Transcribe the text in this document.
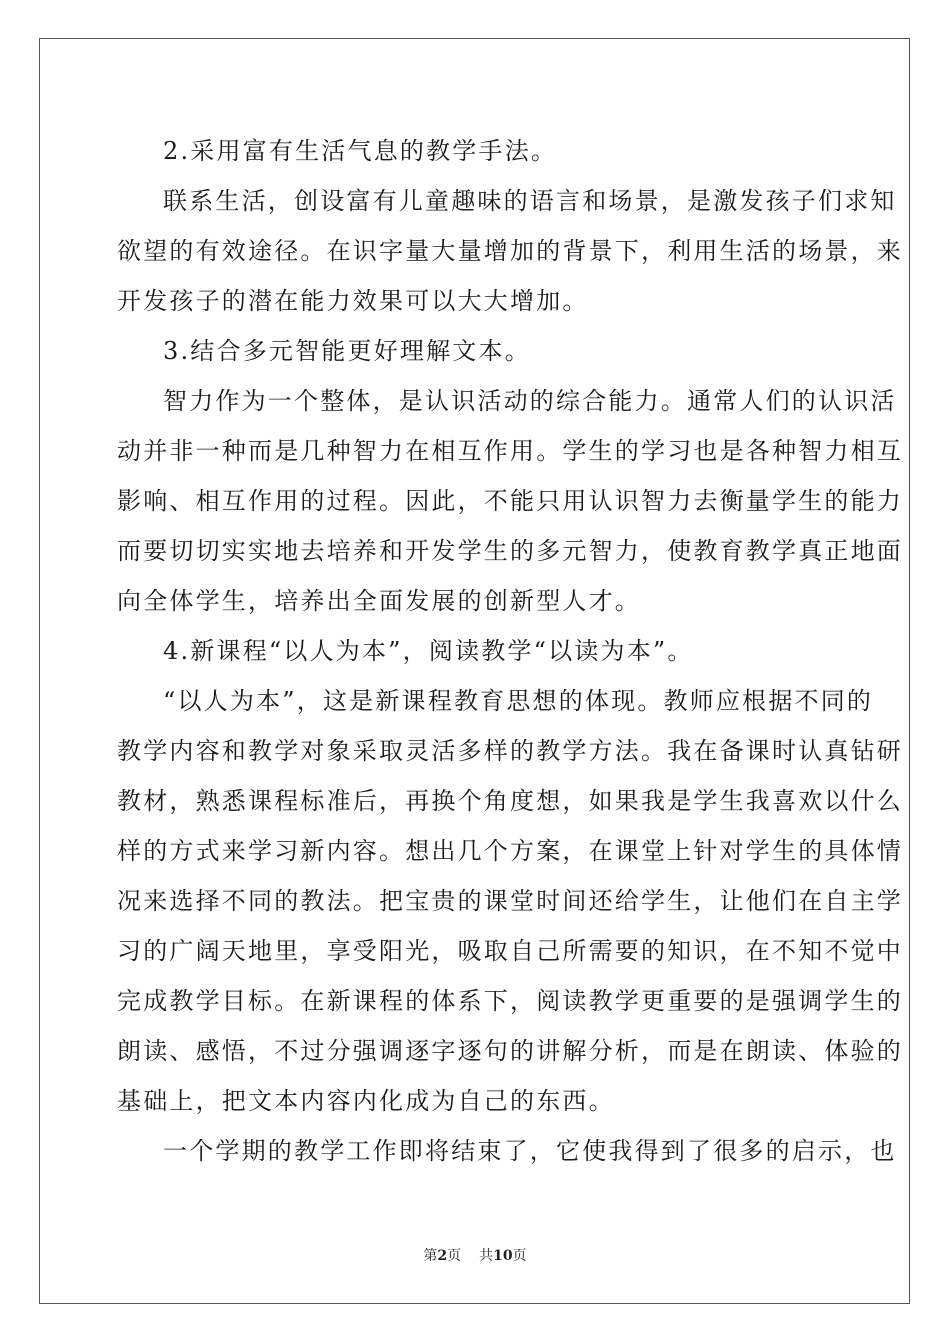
2.采用富有生活气息的教学手法。
联系生活，创设富有儿童趣味的语言和场景，是激发孩子们求知
欲望的有效途径。在识字量大量增加的背景下，利用生活的场景，来
开发孩子的潜在能力效果可以大大增加。
3.结合多元智能更好理解文本。
智力作为一个整体，是认识活动的综合能力。通常人们的认识活
动并非一种而是几种智力在相互作用。学生的学习也是各种智力相互
影响、相互作用的过程。因此，不能只用认识智力去衡量学生的能力
而要切切实实地去培养和开发学生的多元智力，使教育教学真正地面
向全体学生，培养出全面发展的创新型人才。
4.新课程“以人为本”，阅读教学“以读为本”。
“以人为本”，这是新课程教育思想的体现。教师应根据不同的
教学内容和教学对象采取灵活多样的教学方法。我在备课时认真钻研
教材，熟悉课程标准后，再换个角度想，如果我是学生我喜欢以什么
样的方式来学习新内容。想出几个方案，在课堂上针对学生的具体情
况来选择不同的教法。把宝贵的课堂时间还给学生，让他们在自主学
习的广阔天地里，享受阳光，吸取自己所需要的知识，在不知不觉中
完成教学目标。在新课程的体系下，阅读教学更重要的是强调学生的
朗读、感悟，不过分强调逐字逐句的讲解分析，而是在朗读、体验的
基础上，把文本内容内化成为自己的东西。
一个学期的教学工作即将结束了，它使我得到了很多的启示，也
第2页 共10页
